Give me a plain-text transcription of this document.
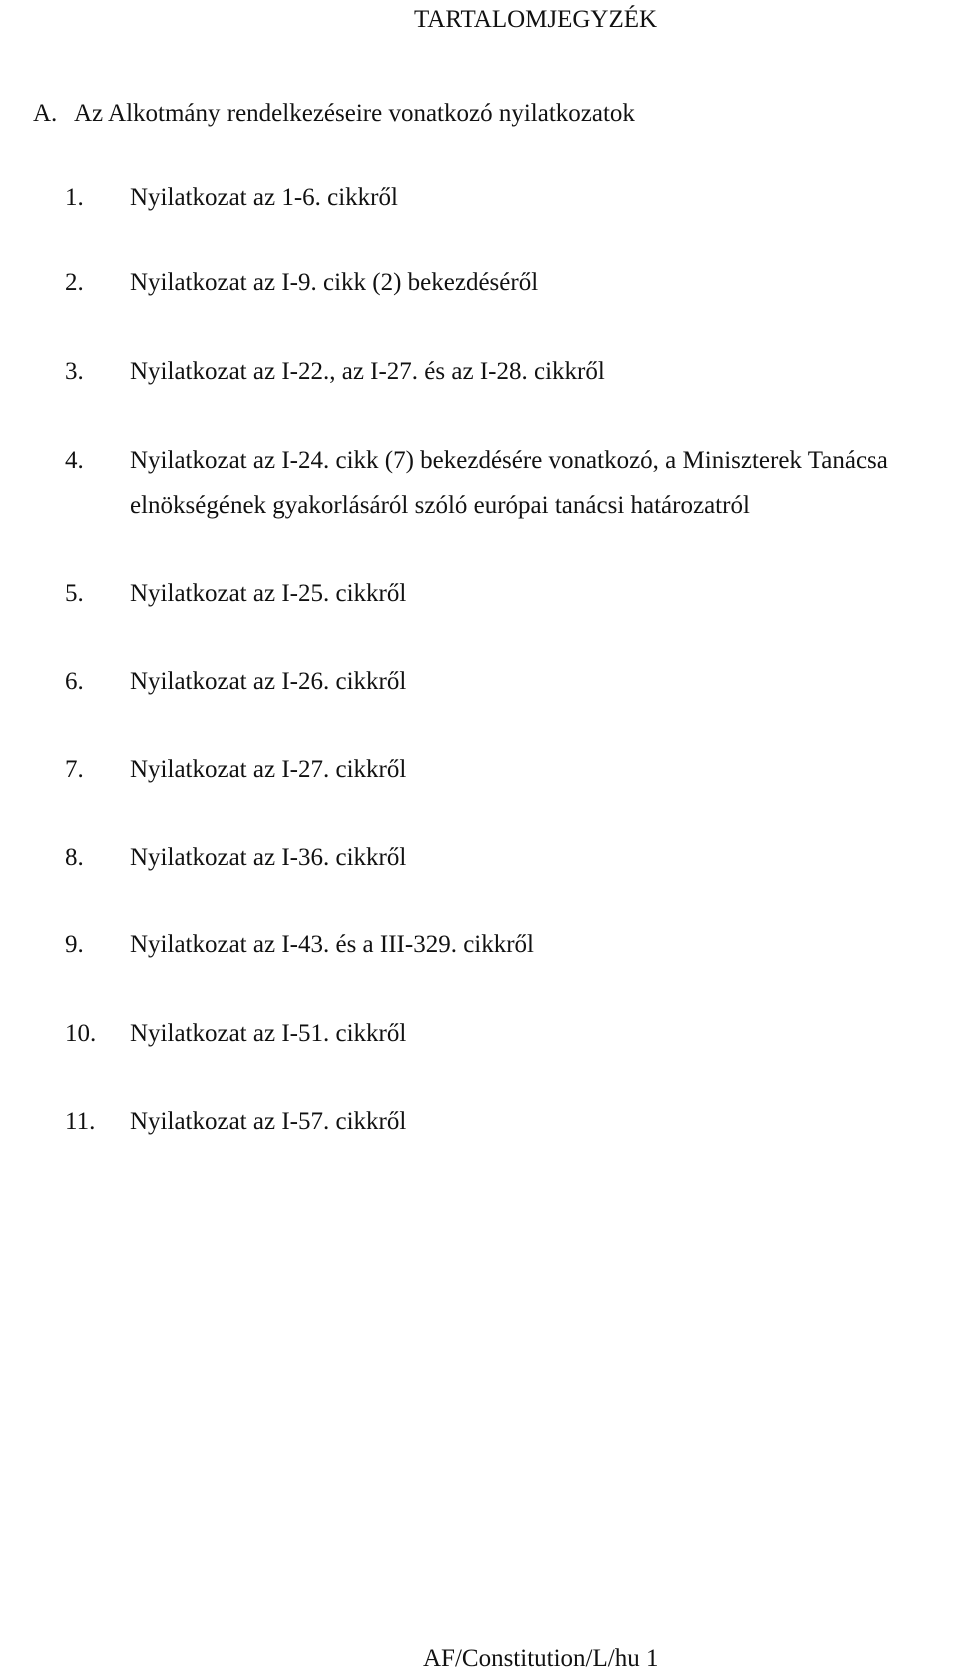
TARTALOMJEGYZÉK
A. Az Alkotmány rendelkezéseire vonatkozó nyilatkozatok
1. Nyilatkozat az 1-6. cikkről
2. Nyilatkozat az I-9. cikk (2) bekezdéséről
3. Nyilatkozat az I-22., az I-27. és az I-28. cikkről
4. Nyilatkozat az I-24. cikk (7) bekezdésére vonatkozó, a Miniszterek Tanácsa
elnökségének gyakorlásáról szóló európai tanácsi határozatról
5. Nyilatkozat az I-25. cikkről
6. Nyilatkozat az I-26. cikkről
7. Nyilatkozat az I-27. cikkről
8. Nyilatkozat az I-36. cikkről
9. Nyilatkozat az I-43. és a III-329. cikkről
10. Nyilatkozat az I-51. cikkről
11. Nyilatkozat az I-57. cikkről
AF/Constitution/L/hu 1
